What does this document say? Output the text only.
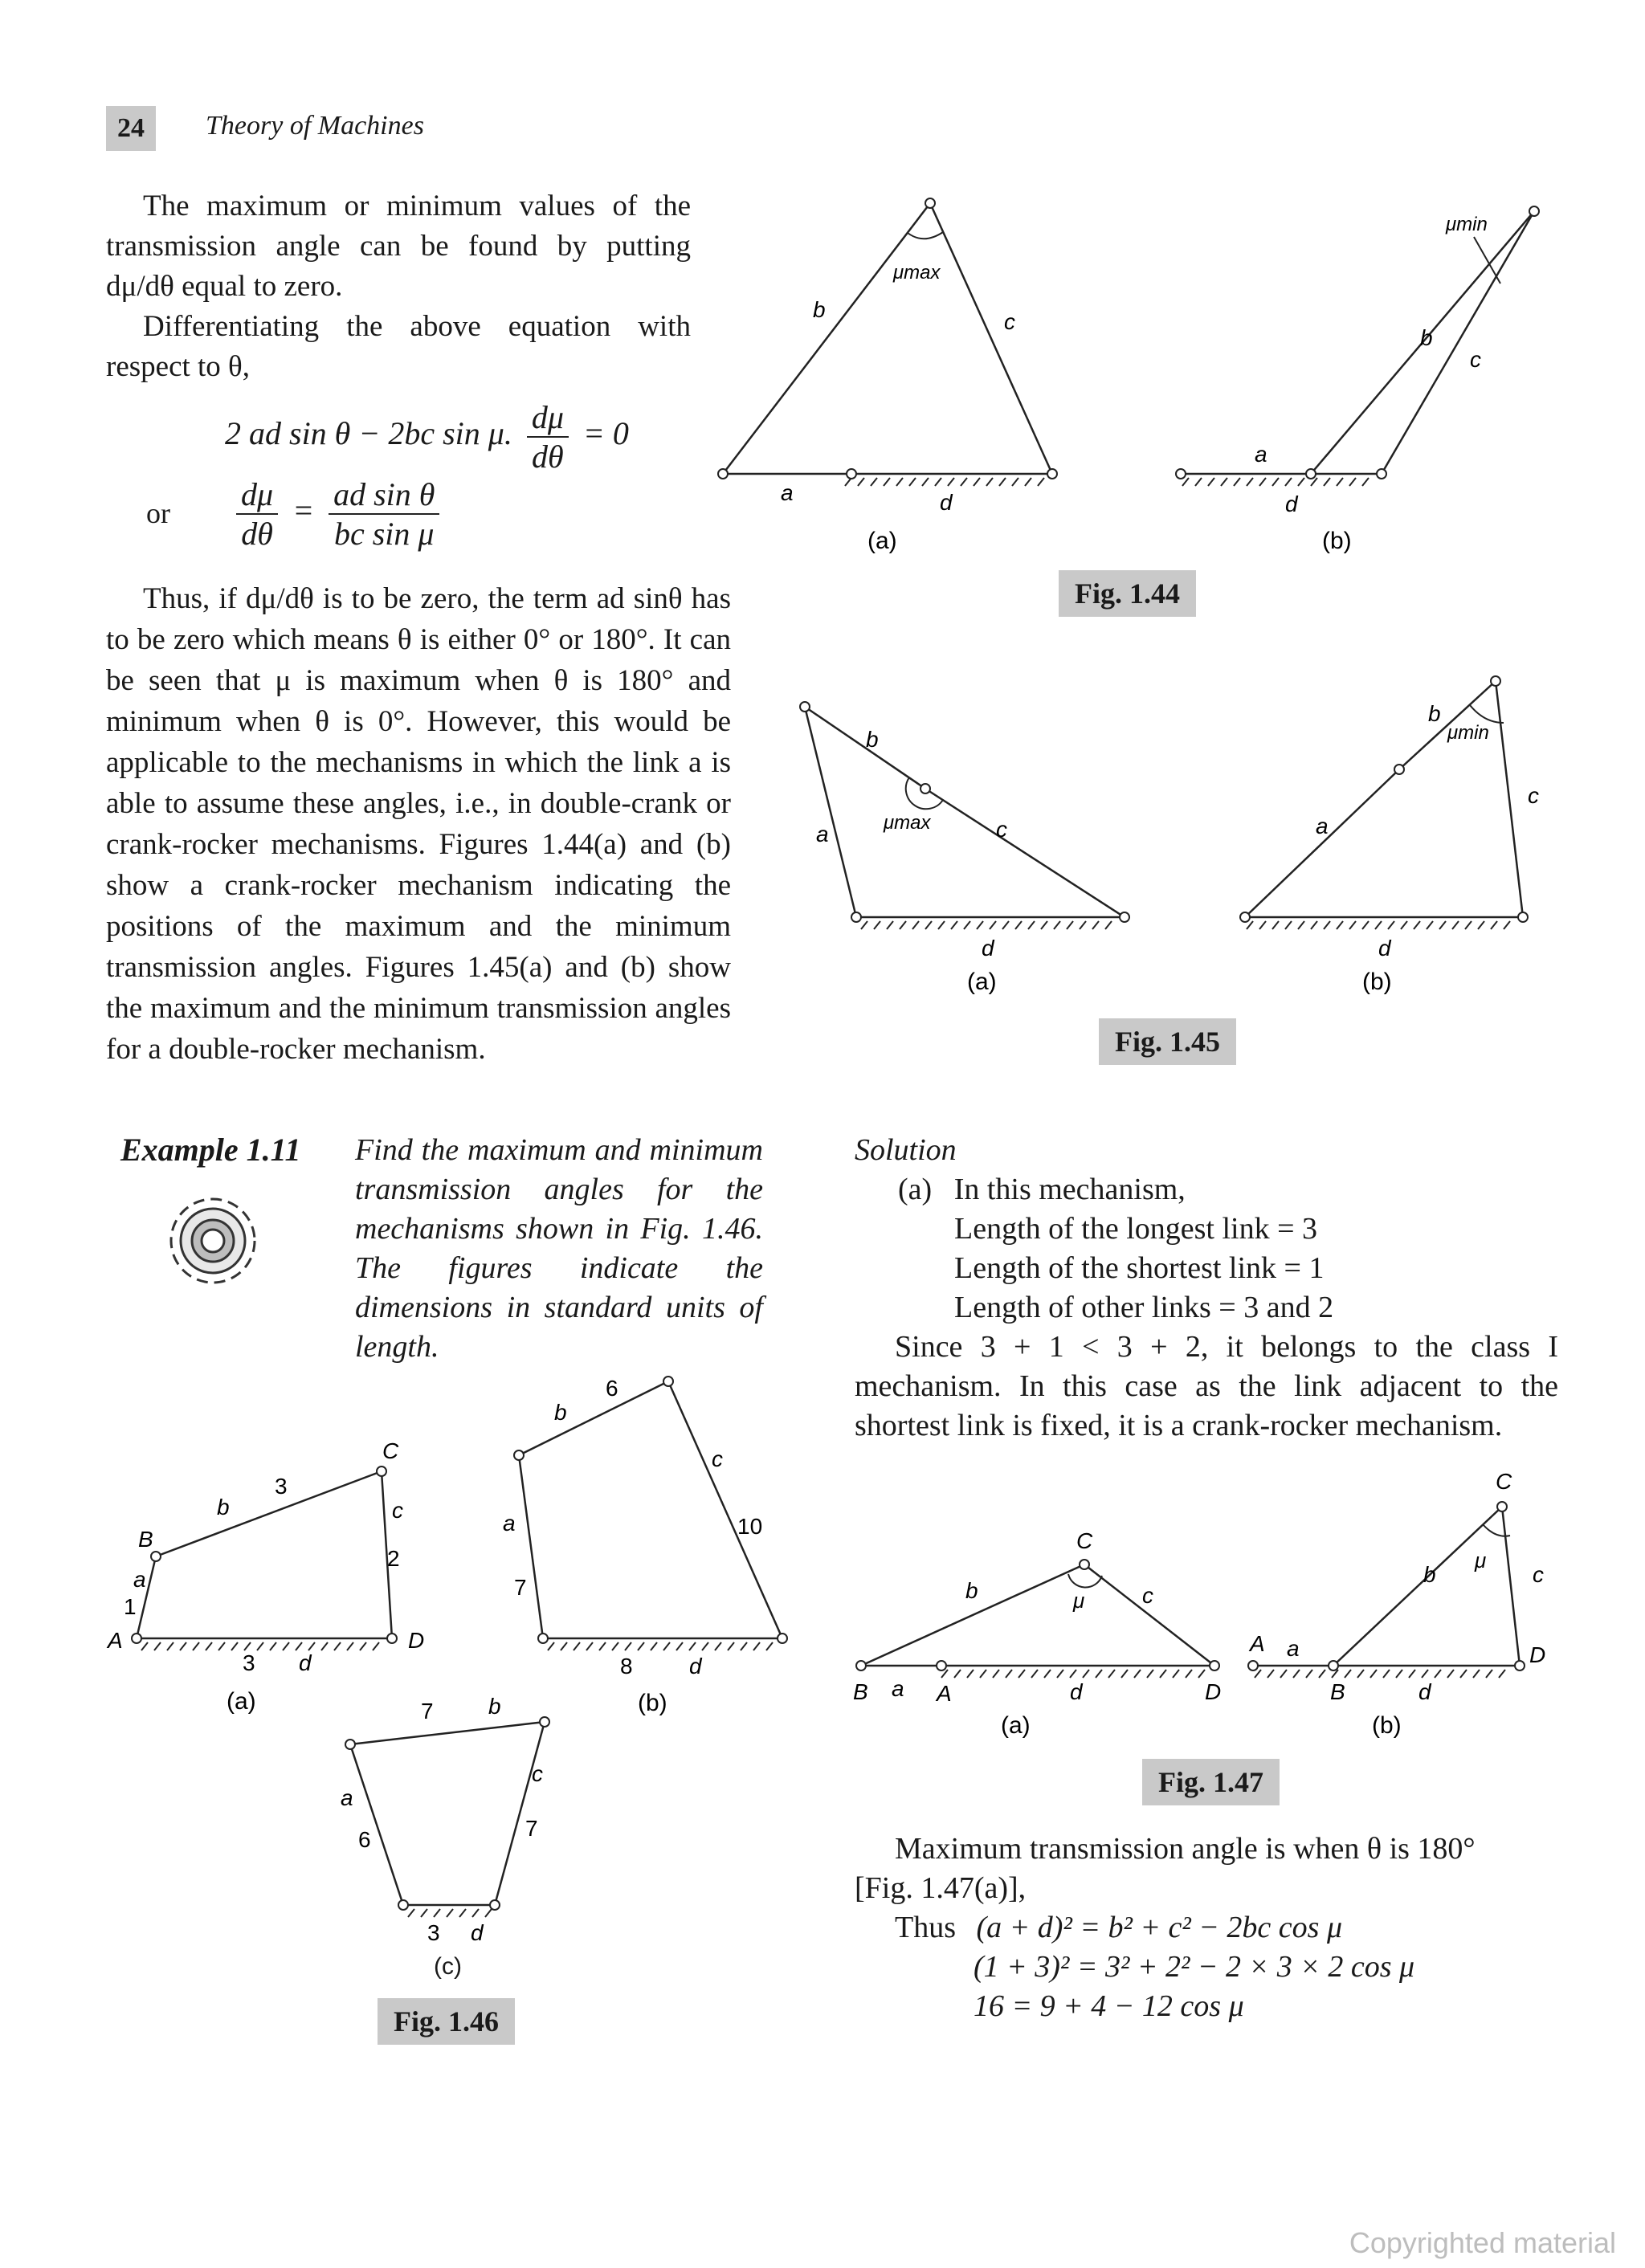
24	Theory of Machines

The maximum or minimum values of the transmission angle can be found by putting dμ/dθ equal to zero.

Differentiating the above equation with respect to θ,

2 ad sin θ − 2bc sin μ. $\frac{d\mu}{d\theta} = 0$
or $\frac{d\mu}{d\theta} = \frac{\text{ad sin θ}}{\text{bc sin μ}}$

Thus, if dμ/dθ is to be zero, the term ad sinθ has to be zero which means θ is either 0° or 180°. It can be seen that μ is maximum when θ is 180° and minimum when θ is 0°. However, this would be applicable to the mechanisms in which the link a is able to assume these angles, i.e., in double-crank or crank-rocker mechanisms. Figures 1.44(a) and (b) show a crank-rocker mechanism indicating the positions of the maximum and the minimum transmission angles. Figures 1.45(a) and (b) show the maximum and the minimum transmission angles for a double-rocker mechanism.

μmax
b	c
a	d
(a)
μmin
b
c
a
d
(b)
Fig. 1.44
b
a	μmax	c
d
(a)
b
μmin
c
a
d
(b)
Fig. 1.45
Example 1.11 Find the maximum and minimum transmission angles for the mechanisms shown in Fig. 1.46. The figures indicate the dimensions in standard units of length.
A
B
C
D
a
1
b
3
c
2
3 d
(a)
b
6
c
10
a
7
8	d
(b)
7 b
a
6
c
7
3 d
(c)
Fig. 1.46

Solution

(a) In this mechanism,

Length of the longest link = 3

Length of the shortest link = 1

Length of other links = 3 and 2

Since 3 + 1 < 3 + 2, it belongs to the class I mechanism. In this case as the link adjacent to the shortest link is fixed, it is a crank-rocker mechanism.

C
μ
b	c
B a A	d	D
(a)
C
μ
b	c
A a	D
B	d
(b)
Fig. 1.47

Maximum transmission angle is when θ is 180°

[Fig. 1.47(a)],

Thus (a + d)² = b² + c² − 2bc cos μ

(1 + 3)² = 3² + 2² − 2 × 3 × 2 cos μ

16 = 9 + 4 − 12 cos μ

Copyrighted material
